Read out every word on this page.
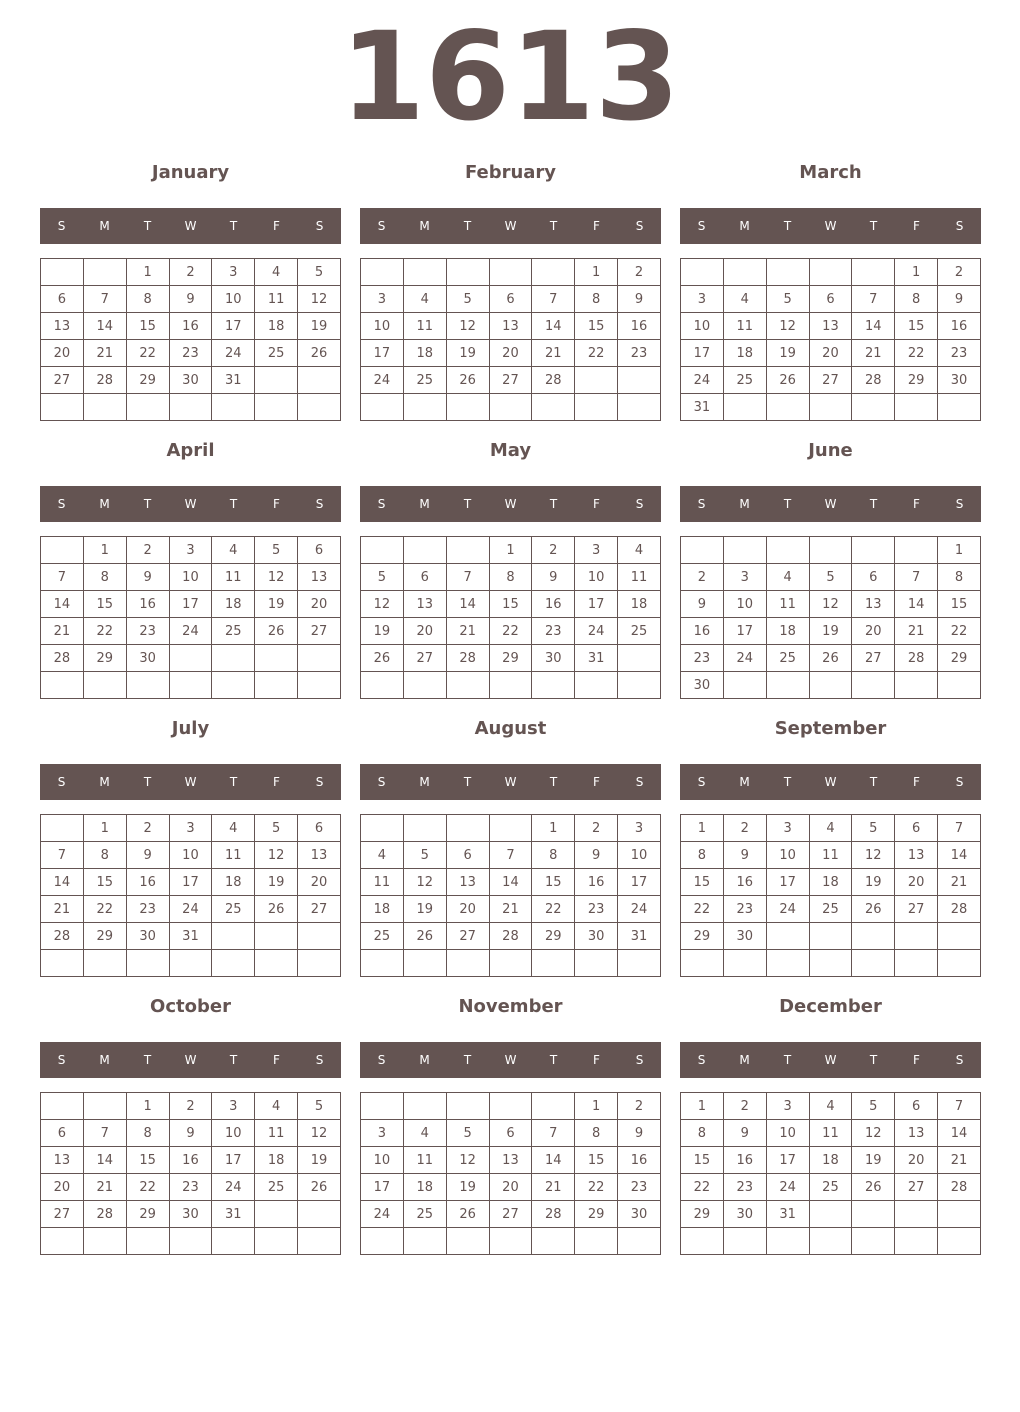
1613
January
S	M	T	W	T	F	S
		1	2	3	4	5
6	7	8	9	10	11	12
13	14	15	16	17	18	19
20	21	22	23	24	25	26
27	28	29	30	31		

February
S	M	T	W	T	F	S
					1	2
3	4	5	6	7	8	9
10	11	12	13	14	15	16
17	18	19	20	21	22	23
24	25	26	27	28		

March
S	M	T	W	T	F	S
					1	2
3	4	5	6	7	8	9
10	11	12	13	14	15	16
17	18	19	20	21	22	23
24	25	26	27	28	29	30
31						
April
S	M	T	W	T	F	S
	1	2	3	4	5	6
7	8	9	10	11	12	13
14	15	16	17	18	19	20
21	22	23	24	25	26	27
28	29	30				

May
S	M	T	W	T	F	S
			1	2	3	4
5	6	7	8	9	10	11
12	13	14	15	16	17	18
19	20	21	22	23	24	25
26	27	28	29	30	31	

June
S	M	T	W	T	F	S
						1
2	3	4	5	6	7	8
9	10	11	12	13	14	15
16	17	18	19	20	21	22
23	24	25	26	27	28	29
30						
July
S	M	T	W	T	F	S
	1	2	3	4	5	6
7	8	9	10	11	12	13
14	15	16	17	18	19	20
21	22	23	24	25	26	27
28	29	30	31			

August
S	M	T	W	T	F	S
				1	2	3
4	5	6	7	8	9	10
11	12	13	14	15	16	17
18	19	20	21	22	23	24
25	26	27	28	29	30	31

September
S	M	T	W	T	F	S
1	2	3	4	5	6	7
8	9	10	11	12	13	14
15	16	17	18	19	20	21
22	23	24	25	26	27	28
29	30					

October
S	M	T	W	T	F	S
		1	2	3	4	5
6	7	8	9	10	11	12
13	14	15	16	17	18	19
20	21	22	23	24	25	26
27	28	29	30	31		

November
S	M	T	W	T	F	S
					1	2
3	4	5	6	7	8	9
10	11	12	13	14	15	16
17	18	19	20	21	22	23
24	25	26	27	28	29	30

December
S	M	T	W	T	F	S
1	2	3	4	5	6	7
8	9	10	11	12	13	14
15	16	17	18	19	20	21
22	23	24	25	26	27	28
29	30	31				
